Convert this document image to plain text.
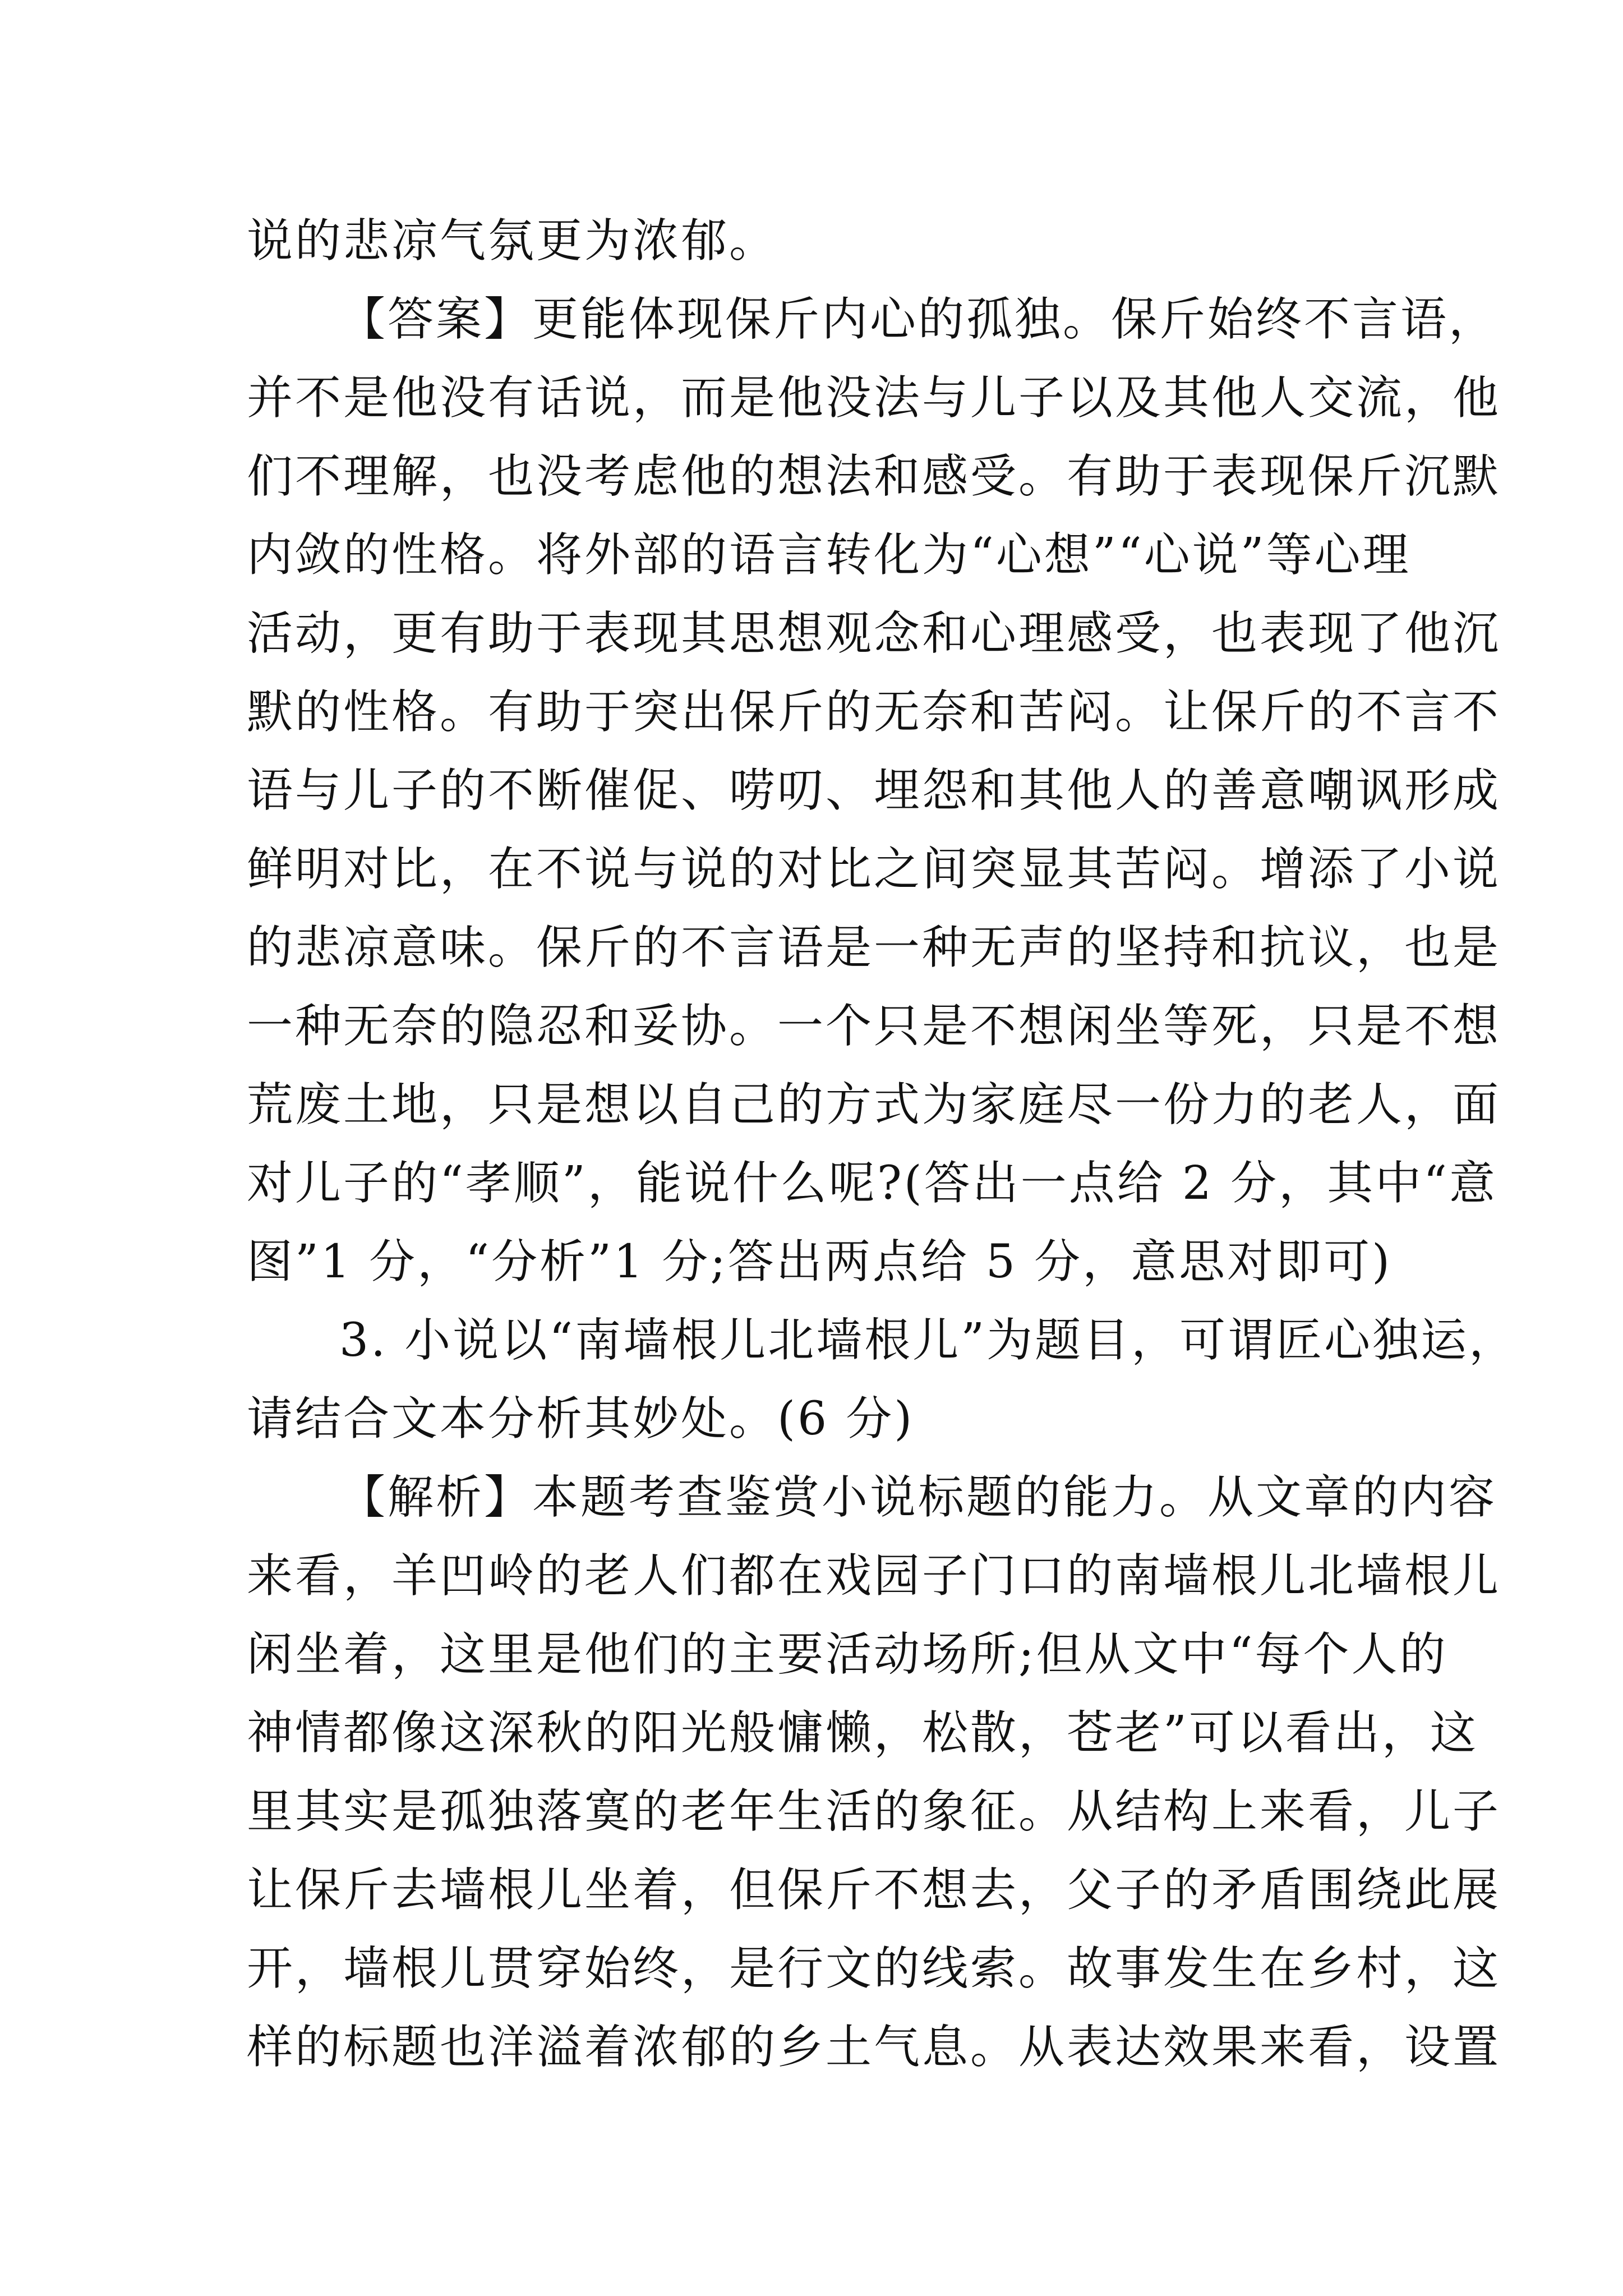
说的悲凉气氛更为浓郁。

【答案】更能体现保斤内心的孤独。保斤始终不言语，

并不是他没有话说，而是他没法与儿子以及其他人交流，他

们不理解，也没考虑他的想法和感受。有助于表现保斤沉默

内敛的性格。将外部的语言转化为“心想”“心说”等心理

活动，更有助于表现其思想观念和心理感受，也表现了他沉

默的性格。有助于突出保斤的无奈和苦闷。让保斤的不言不

语与儿子的不断催促、唠叨、埋怨和其他人的善意嘲讽形成

鲜明对比，在不说与说的对比之间突显其苦闷。增添了小说

的悲凉意味。保斤的不言语是一种无声的坚持和抗议，也是

一种无奈的隐忍和妥协。一个只是不想闲坐等死，只是不想

荒废土地，只是想以自己的方式为家庭尽一份力的老人，面

对儿子的“孝顺”，能说什么呢?(答出一点给 2 分，其中“意

图”1 分，“分析”1 分;答出两点给 5 分，意思对即可)

3. 小说以“南墙根儿北墙根儿”为题目，可谓匠心独运，

请结合文本分析其妙处。(6 分)

【解析】本题考查鉴赏小说标题的能力。从文章的内容

来看，羊凹岭的老人们都在戏园子门口的南墙根儿北墙根儿

闲坐着，这里是他们的主要活动场所;但从文中“每个人的

神情都像这深秋的阳光般慵懒，松散，苍老”可以看出，这

里其实是孤独落寞的老年生活的象征。从结构上来看，儿子

让保斤去墙根儿坐着，但保斤不想去，父子的矛盾围绕此展

开，墙根儿贯穿始终，是行文的线索。故事发生在乡村，这

样的标题也洋溢着浓郁的乡土气息。从表达效果来看，设置
